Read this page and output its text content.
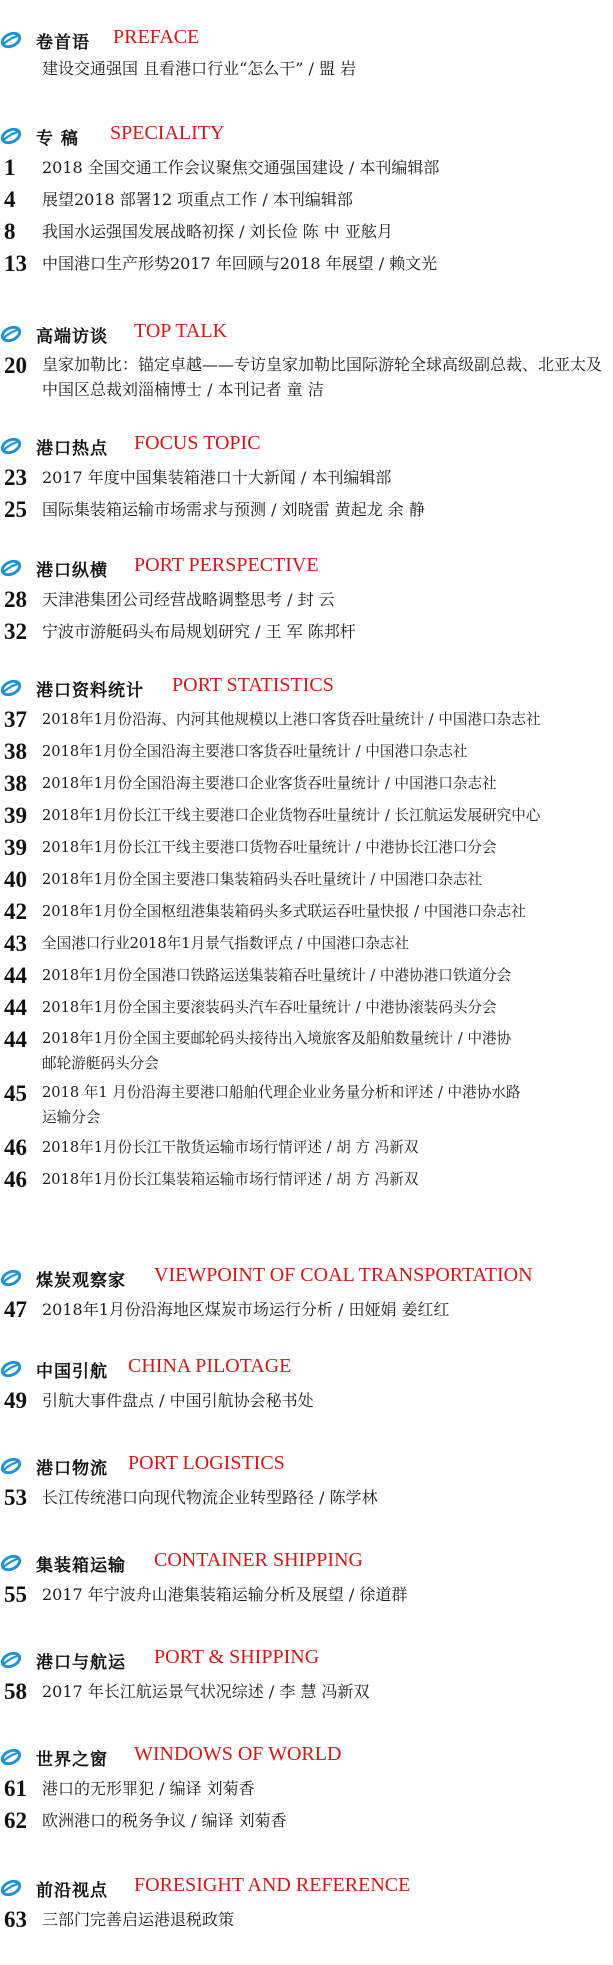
卷首语 PREFACE
建设交通强国 且看港口行业“怎么干” / 盟 岩
专 稿 SPECIALITY
1 2018 全国交通工作会议聚焦交通强国建设 / 本刊编辑部
4 展望2018 部署12 项重点工作 / 本刊编辑部
8 我国水运强国发展战略初探 / 刘长俭 陈 中 亚舷月
13 中国港口生产形势2017 年回顾与2018 年展望 / 赖文光
高端访谈 TOP TALK
20 皇家加勒比：锚定卓越——专访皇家加勒比国际游轮全球高级副总裁、北亚太及中国区总裁刘淄楠博士 / 本刊记者 童 洁
港口热点 FOCUS TOPIC
23 2017 年度中国集装箱港口十大新闻 / 本刊编辑部
25 国际集装箱运输市场需求与预测 / 刘晓雷 黄起龙 余 静
港口纵横 PORT PERSPECTIVE
28 天津港集团公司经营战略调整思考 / 封 云
32 宁波市游艇码头布局规划研究 / 王 军 陈邦杆
港口资料统计 PORT STATISTICS
37 2018年1月份沿海、内河其他规模以上港口客货吞吐量统计 / 中国港口杂志社
38 2018年1月份全国沿海主要港口客货吞吐量统计 / 中国港口杂志社
38 2018年1月份全国沿海主要港口企业客货吞吐量统计 / 中国港口杂志社
39 2018年1月份长江干线主要港口企业货物吞吐量统计 / 长江航运发展研究中心
39 2018年1月份长江干线主要港口货物吞吐量统计 / 中港协长江港口分会
40 2018年1月份全国主要港口集装箱码头吞吐量统计 / 中国港口杂志社
42 2018年1月份全国枢纽港集装箱码头多式联运吞吐量快报 / 中国港口杂志社
43 全国港口行业2018年1月景气指数评点 / 中国港口杂志社
44 2018年1月份全国港口铁路运送集装箱吞吐量统计 / 中港协港口铁道分会
44 2018年1月份全国主要滚装码头汽车吞吐量统计 / 中港协滚装码头分会
44 2018年1月份全国主要邮轮码头接待出入境旅客及船舶数量统计 / 中港协邮轮游艇码头分会
45 2018 年1 月份沿海主要港口船舶代理企业业务量分析和评述 / 中港协水路运输分会
46 2018年1月份长江干散货运输市场行情评述 / 胡 方 冯新双
46 2018年1月份长江集装箱运输市场行情评述 / 胡 方 冯新双
煤炭观察家 VIEWPOINT OF COAL TRANSPORTATION
47 2018年1月份沿海地区煤炭市场运行分析 / 田娅娟 姜红红
中国引航 CHINA PILOTAGE
49 引航大事件盘点 / 中国引航协会秘书处
港口物流 PORT LOGISTICS
53 长江传统港口向现代物流企业转型路径 / 陈学林
集装箱运输 CONTAINER SHIPPING
55 2017 年宁波舟山港集装箱运输分析及展望 / 徐道群
港口与航运 PORT & SHIPPING
58 2017 年长江航运景气状况综述 / 李 慧 冯新双
世界之窗 WINDOWS OF WORLD
61 港口的无形罪犯 / 编译 刘菊香
62 欧洲港口的税务争议 / 编译 刘菊香
前沿视点 FORESIGHT AND REFERENCE
63 三部门完善启运港退税政策
